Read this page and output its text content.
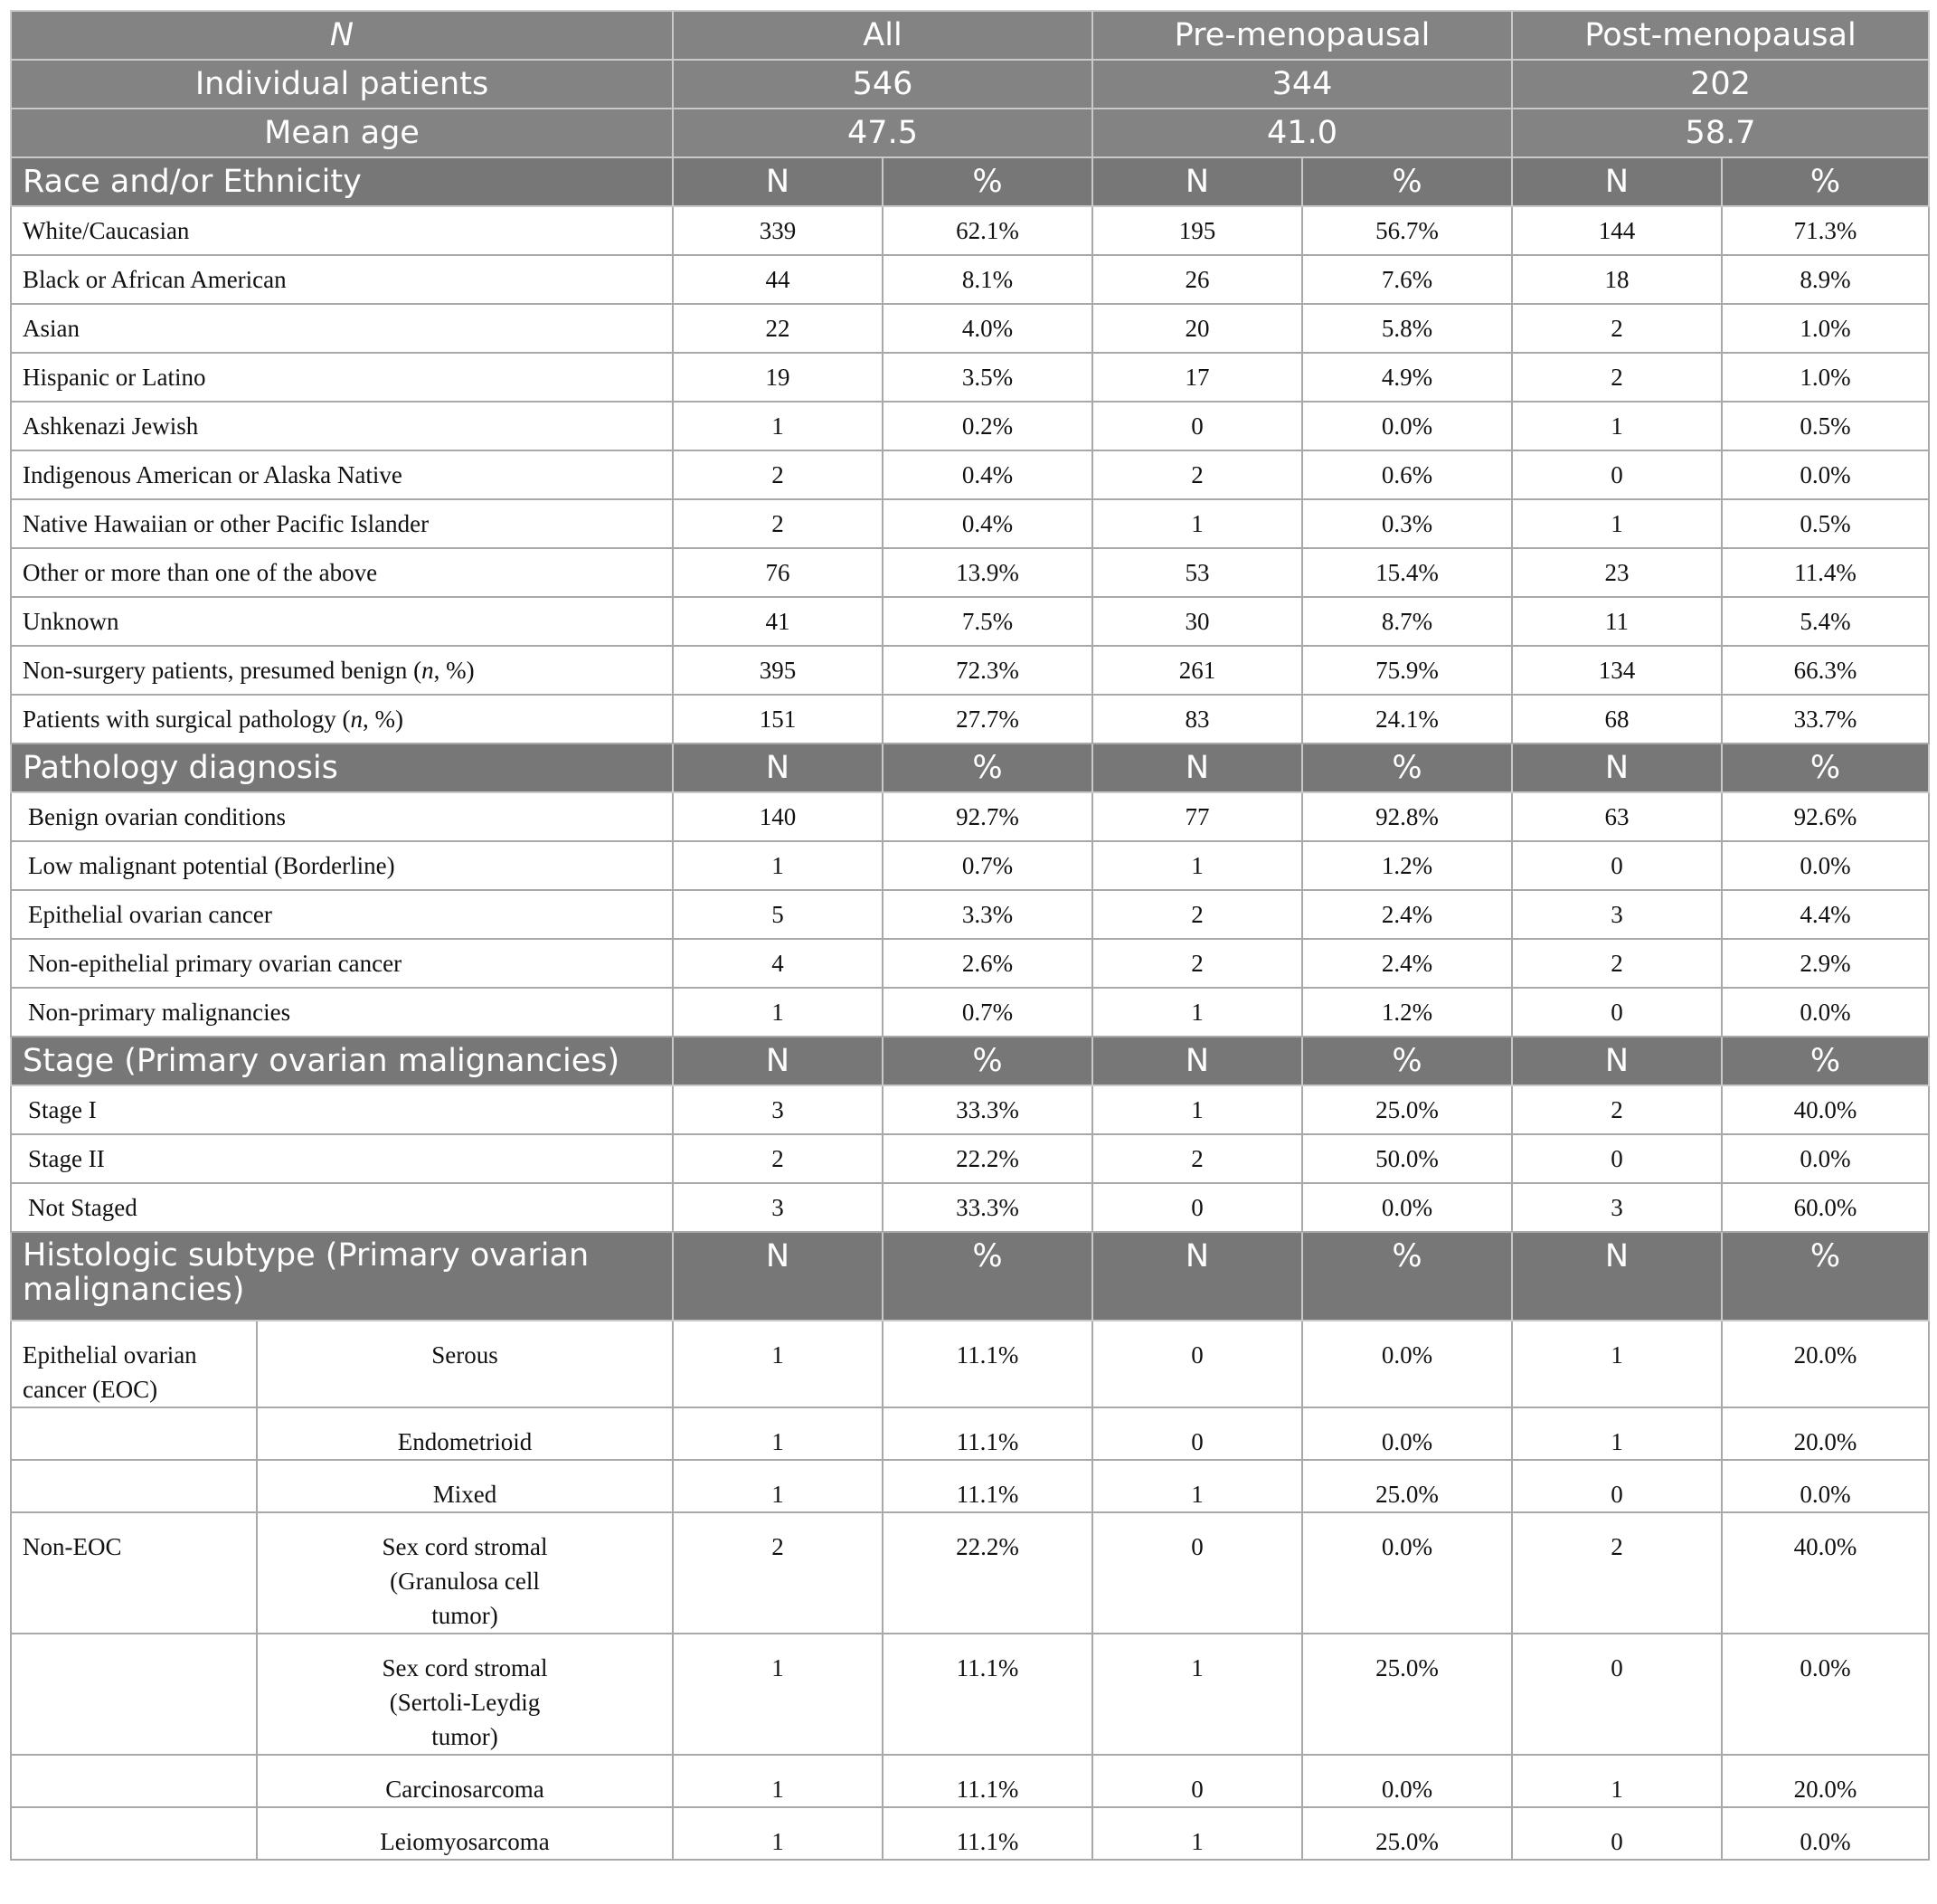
N		All		Pre-menopausal		Post-menopausal	
Individual patients		546		344		202	
Mean age		47.5		41.0		58.7	
Race and/or Ethnicity		N	%	N	%	N	%
White/Caucasian		339	62.1%	195	56.7%	144	71.3%
Black or African American		44	8.1%	26	7.6%	18	8.9%
Asian		22	4.0%	20	5.8%	2	1.0%
Hispanic or Latino		19	3.5%	17	4.9%	2	1.0%
Ashkenazi Jewish		1	0.2%	0	0.0%	1	0.5%
Indigenous American or Alaska Native		2	0.4%	2	0.6%	0	0.0%
Native Hawaiian or other Pacific Islander		2	0.4%	1	0.3%	1	0.5%
Other or more than one of the above		76	13.9%	53	15.4%	23	11.4%
Unknown		41	7.5%	30	8.7%	11	5.4%
Non-surgery patients, presumed benign (n, %)		395	72.3%	261	75.9%	134	66.3%
Patients with surgical pathology (n, %)		151	27.7%	83	24.1%	68	33.7%
Pathology diagnosis		N	%	N	%	N	%
Benign ovarian conditions		140	92.7%	77	92.8%	63	92.6%
Low malignant potential (Borderline)		1	0.7%	1	1.2%	0	0.0%
Epithelial ovarian cancer		5	3.3%	2	2.4%	3	4.4%
Non-epithelial primary ovarian cancer		4	2.6%	2	2.4%	2	2.9%
Non-primary malignancies		1	0.7%	1	1.2%	0	0.0%
Stage (Primary ovarian malignancies)		N	%	N	%	N	%
Stage I		3	33.3%	1	25.0%	2	40.0%
Stage II		2	22.2%	2	50.0%	0	0.0%
Not Staged		3	33.3%	0	0.0%	3	60.0%
Histologic subtype (Primary ovarian
malignancies)		N	%	N	%	N	%
Epithelial ovarian
cancer (EOC)	Serous	1	11.1%	0	0.0%	1	20.0%
	Endometrioid	1	11.1%	0	0.0%	1	20.0%
	Mixed	1	11.1%	1	25.0%	0	0.0%
Non-EOC	Sex cord stromal
(Granulosa cell
tumor)	2	22.2%	0	0.0%	2	40.0%
	Sex cord stromal
(Sertoli-Leydig
tumor)	1	11.1%	1	25.0%	0	0.0%
	Carcinosarcoma	1	11.1%	0	0.0%	1	20.0%
	Leiomyosarcoma	1	11.1%	1	25.0%	0	0.0%
